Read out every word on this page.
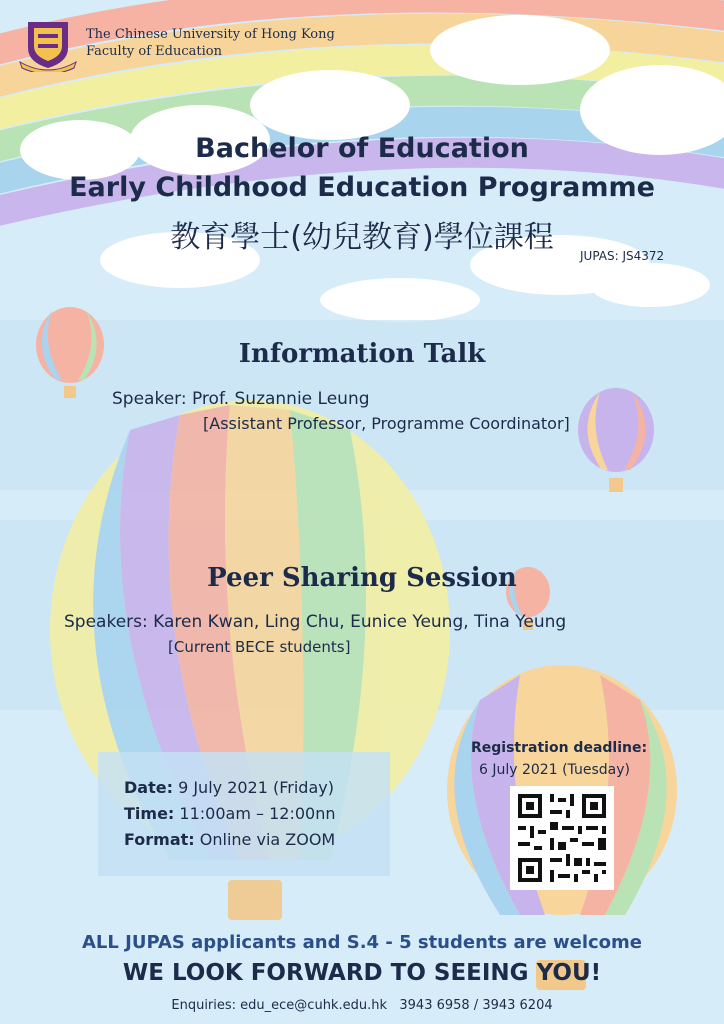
The Chinese University of Hong Kong
Faculty of Education
Bachelor of Education
Early Childhood Education Programme
教育學士(幼兒教育)學位課程
JUPAS: JS4372
Information Talk
Speaker: Prof. Suzannie Leung
[Assistant Professor, Programme Coordinator]
Peer Sharing Session
Speakers: Karen Kwan, Ling Chu, Eunice Yeung, Tina Yeung
[Current BECE students]
Date: 9 July 2021 (Friday)
Time: 11:00am – 12:00nn
Format: Online via ZOOM
Registration deadline:
6 July 2021 (Tuesday)
ALL JUPAS applicants and S.4 - 5 students are welcome
WE LOOK FORWARD TO SEEING YOU!
Enquiries: edu_ece@cuhk.edu.hk   3943 6958 / 3943 6204
